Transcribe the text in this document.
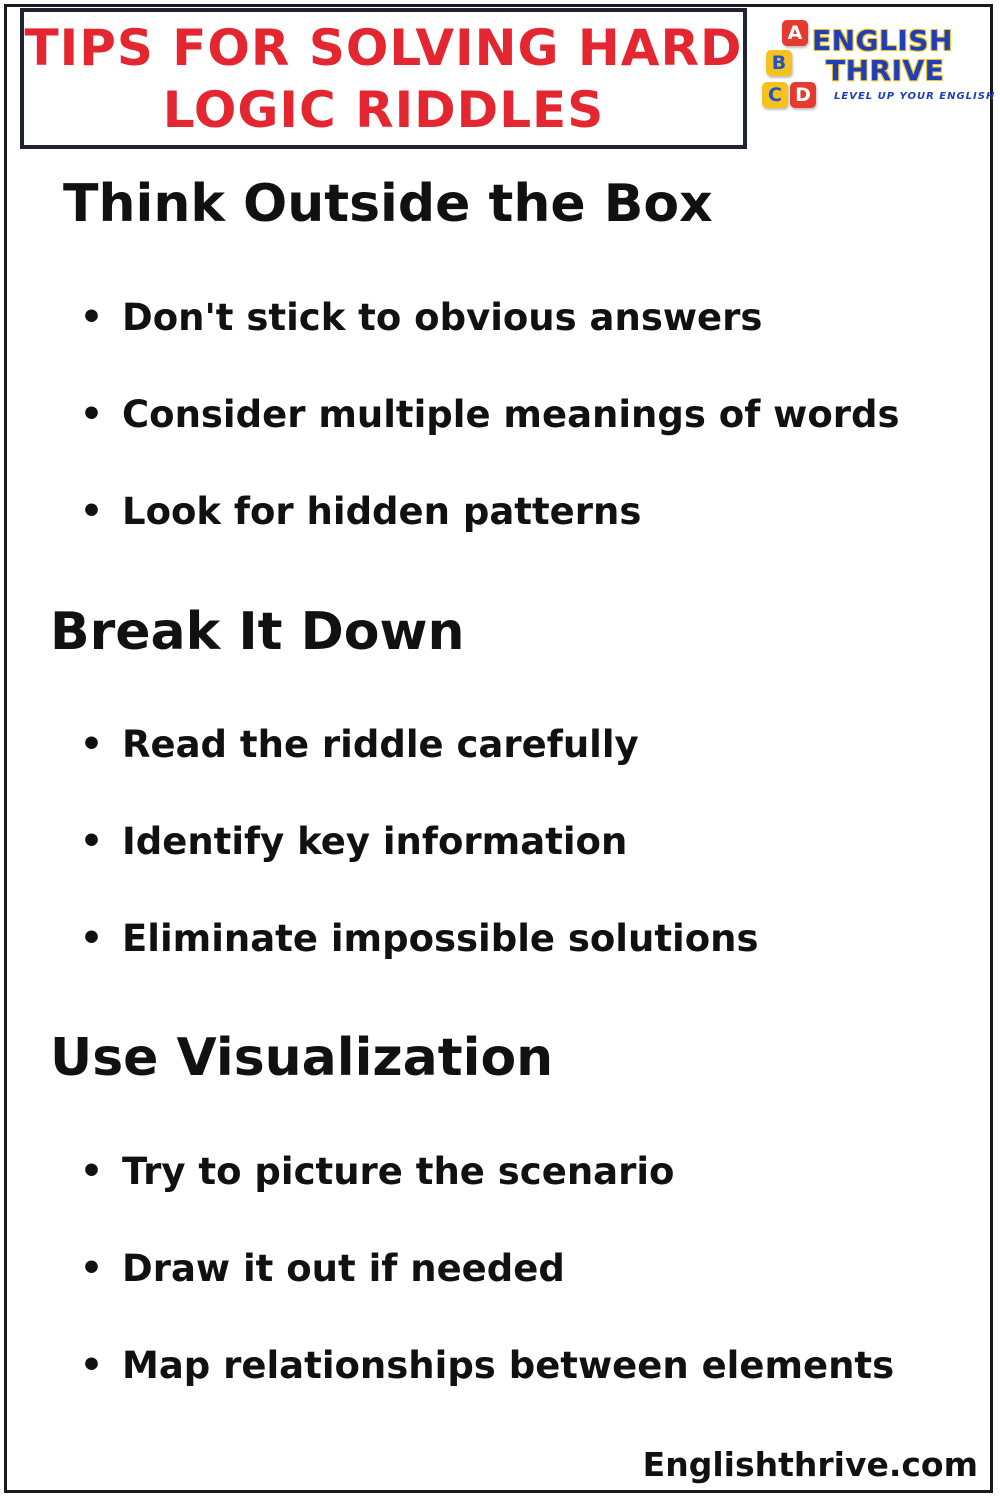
TIPS FOR SOLVING HARD
LOGIC RIDDLES
A
B
C D
ENGLISH
THRIVE
LEVEL UP YOUR ENGLISH
Think Outside the Box
• Don't stick to obvious answers
• Consider multiple meanings of words
• Look for hidden patterns
Break It Down
• Read the riddle carefully
• Identify key information
• Eliminate impossible solutions
Use Visualization
• Try to picture the scenario
• Draw it out if needed
• Map relationships between elements

Englishthrive.com
